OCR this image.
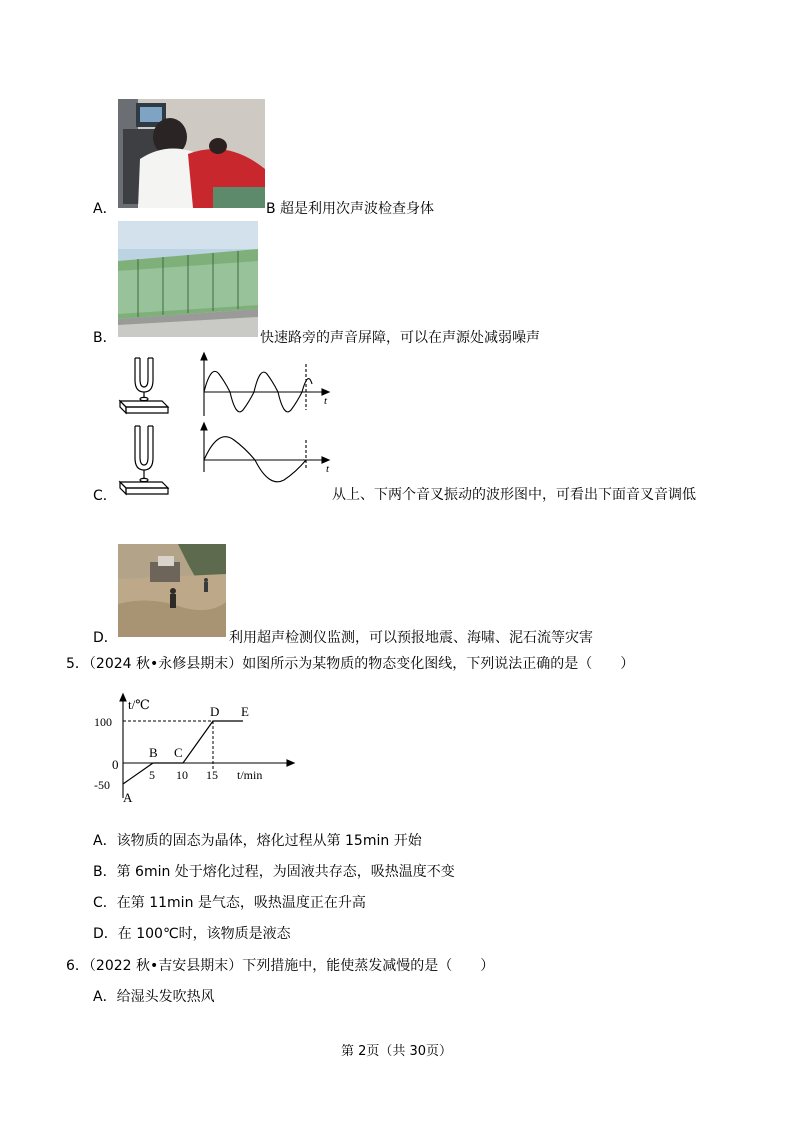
A．	B 超是利用次声波检查身体
B．	快速路旁的声音屏障，可以在声源处减弱噪声
t
t
C．	从上、下两个音叉振动的波形图中，可看出下面音叉音调低
D．	利用超声检测仪监测，可以预报地震、海啸、泥石流等灾害
5．（2024 秋•永修县期末）如图所示为某物质的物态变化图线，下列说法正确的是（　　）
5 10 15
100
-50
A
B C
D E
t/℃
t/min
0
A．该物质的固态为晶体，熔化过程从第 15min 开始
B．第 6min 处于熔化过程，为固液共存态，吸热温度不变
C．在第 11min 是气态，吸热温度正在升高
D．在 100℃时，该物质是液态
6．（2022 秋•吉安县期末）下列措施中，能使蒸发减慢的是（　　）
A．给湿头发吹热风
第 2页（共 30页）
